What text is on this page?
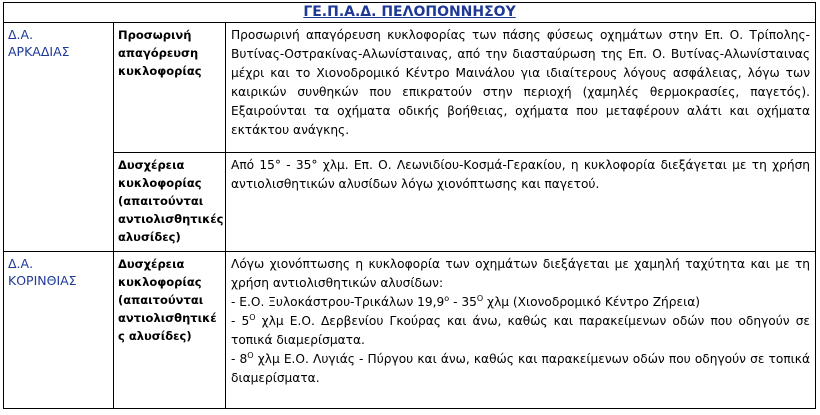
ΓΕ.Π.Α.Δ. ΠΕΛΟΠΟΝΝΗΣΟΥ		

Δ.Α.
ΑΡΚΑΔΙΑΣ	Προσωρινή απαγόρευση κυκλοφορίας	Προσωρινή απαγόρευση κυκλοφορίας των πάσης φύσεως οχημάτων στην Επ. Ο. Τρίπολης-Βυτίνας-Οστρακίνας-Αλωνίσταινας, από την διασταύρωση της Επ. Ο. Βυτίνας-Αλωνίσταινας μέχρι και το Χιονοδρομικό Κέντρο Μαινάλου για ιδιαίτερους λόγους ασφάλειας, λόγω των καιρικών συνθηκών που επικρατούν στην περιοχή (χαμηλές θερμοκρασίες, παγετός). Εξαιρούνται τα οχήματα οδικής βοήθειας, οχήματα που μεταφέρουν αλάτι και οχήματα εκτάκτου ανάγκης.
	Δυσχέρεια κυκλοφορίας (απαιτούνται αντιολισθητικές αλυσίδες)	Από 15° - 35° χλμ. Επ. Ο. Λεωνιδίου-Κοσμά-Γερακίου, η κυκλοφορία διεξάγεται με τη χρήση αντιολισθητικών αλυσίδων λόγω χιονόπτωσης και παγετού.

Δ.Α.
ΚΟΡΙΝΘΙΑΣ	Δυσχέρεια κυκλοφορίας (απαιτούνται αντιολισθητικέ ς αλυσίδες)	Λόγω χιονόπτωσης η κυκλοφορία των οχημάτων διεξάγεται με χαμηλή ταχύτητα και με τη χρήση αντιολισθητικών αλυσίδων:
- Ε.Ο. Ξυλοκάστρου-Τρικάλων $19,9^o - 35^O$ χλμ (Χιονοδρομικό Κέντρο Ζήρεια)
- $5^O$ χλμ Ε.Ο. Δερβενίου Γκούρας και άνω, καθώς και παρακείμενων οδών που οδηγούν σε τοπικά διαμερίσματα.
- $8^O$ χλμ Ε.Ο. Λυγιάς - Πύργου και άνω, καθώς και παρακείμενων οδών που οδηγούν σε τοπικά διαμερίσματα.
